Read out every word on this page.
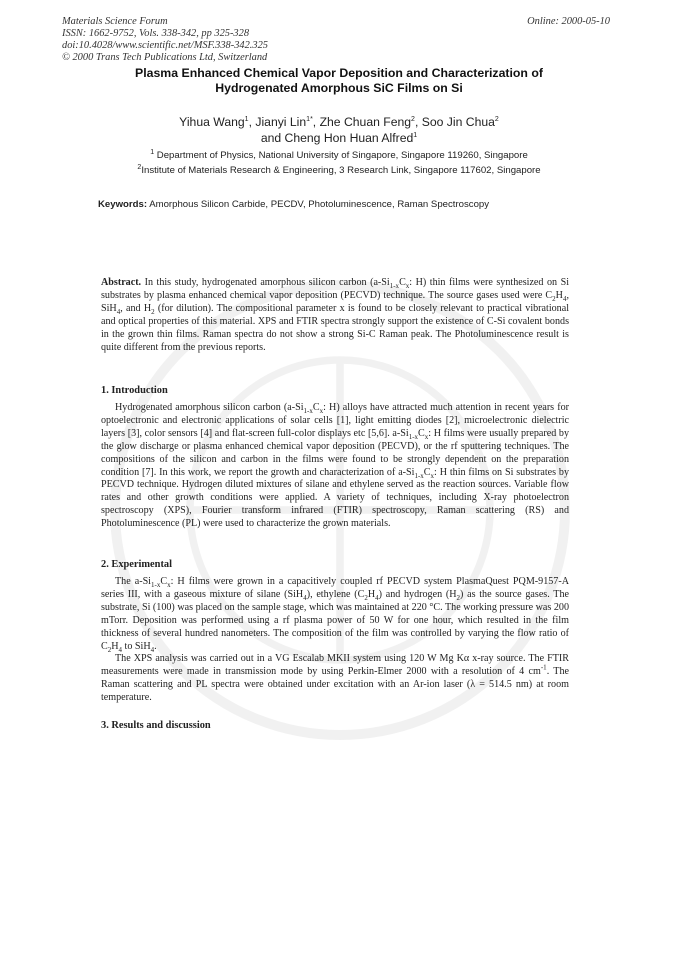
Materials Science Forum
ISSN: 1662-9752, Vols. 338-342, pp 325-328
doi:10.4028/www.scientific.net/MSF.338-342.325
© 2000 Trans Tech Publications Ltd, Switzerland
Online: 2000-05-10
Plasma Enhanced Chemical Vapor Deposition and Characterization of
Hydrogenated Amorphous SiC Films on Si
Yihua Wang$^1$, Jianyi Lin$^{1*}$, Zhe Chuan Feng$^2$, Soo Jin Chua$^2$
and Cheng Hon Huan Alfred$^1$
$^1$ Department of Physics, National University of Singapore, Singapore 119260, Singapore
$^2$Institute of Materials Research & Engineering, 3 Research Link, Singapore 117602, Singapore
Keywords: Amorphous Silicon Carbide, PECDV, Photoluminescence, Raman Spectroscopy

Abstract. In this study, hydrogenated amorphous silicon carbon ($a-Si_{1-x}C_x$: H) thin films were synthesized on Si substrates by plasma enhanced chemical vapor deposition (PECVD) technique. The source gases used were $C_2H_4$, SiH$_4$, and $H_2$ (for dilution). The compositional parameter x is found to be closely relevant to practical vibrational and optical properties of this material. XPS and FTIR spectra strongly support the existence of C-Si covalent bonds in the grown thin films. Raman spectra do not show a strong Si-C Raman peak. The Photoluminescence result is quite different from the previous reports.

1. Introduction

Hydrogenated amorphous silicon carbon ($a-Si_{1-x}C_x$: H) alloys have attracted much attention in recent years for optoelectronic and electronic applications of solar cells [1], light emitting diodes [2], microelectronic dielectric layers [3], color sensors [4] and flat-screen full-color displays etc [5,6]. $a-Si_{1-x}C_x$: H films were usually prepared by the glow discharge or plasma enhanced chemical vapor deposition (PECVD), or the rf sputtering techniques. The compositions of the silicon and carbon in the films were found to be strongly dependent on the preparation condition [7]. In this work, we report the growth and characterization of $a-Si_{1-x}C_x$: H thin films on Si substrates by PECVD technique. Hydrogen diluted mixtures of silane and ethylene served as the reaction sources. Variable flow rates and other growth conditions were applied. A variety of techniques, including X-ray photoelectron spectroscopy (XPS), Fourier transform infrared (FTIR) spectroscopy, Raman scattering (RS) and Photoluminescence (PL) were used to characterize the grown materials.

2. Experimental

The $a-Si_{1-x}C_x$: H films were grown in a capacitively coupled rf PECVD system PlasmaQuest PQM-9157-A series III, with a gaseous mixture of silane (SiH$_4$), ethylene $(C_2H_4)$ and hydrogen $(H_2)$ as the source gases. The substrate, Si (100) was placed on the sample stage, which was maintained at 220 °C. The working pressure was 200 mTorr. Deposition was performed using a rf plasma power of 50 W for one hour, which resulted in the film thickness of several hundred nanometers. The composition of the film was controlled by varying the flow ratio of $C_2H_4$ to SiH$_4$.

The XPS analysis was carried out in a VG Escalab MKII system using 120 W Mg Kα x-ray source. The FTIR measurements were made in transmission mode by using Perkin-Elmer 2000 with a resolution of 4 $cm^{-1}$. The Raman scattering and PL spectra were obtained under excitation with an Ar-ion laser (λ = 514.5 nm) at room temperature.

3. Results and discussion
